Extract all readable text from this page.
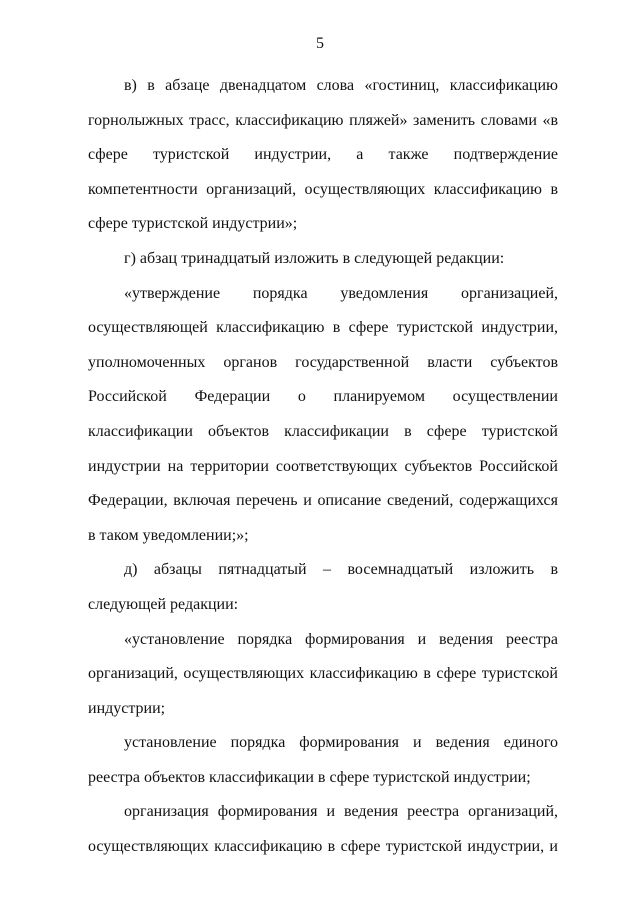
5

в) в абзаце двенадцатом слова «гостиниц, классификацию горнолыжных трасс, классификацию пляжей» заменить словами «в сфере туристской индустрии, а также подтверждение компетентности организаций, осуществляющих классификацию в сфере туристской индустрии»;

г) абзац тринадцатый изложить в следующей редакции:

«утверждение порядка уведомления организацией, осуществляющей классификацию в сфере туристской индустрии, уполномоченных органов государственной власти субъектов Российской Федерации о планируемом осуществлении классификации объектов классификации в сфере туристской индустрии на территории соответствующих субъектов Российской Федерации, включая перечень и описание сведений, содержащихся в таком уведомлении;»;

д) абзацы пятнадцатый – восемнадцатый изложить в следующей редакции:

«установление порядка формирования и ведения реестра организаций, осуществляющих классификацию в сфере туристской индустрии;

установление порядка формирования и ведения единого реестра объектов классификации в сфере туристской индустрии;

организация формирования и ведения реестра организаций, осуществляющих классификацию в сфере туристской индустрии, и
